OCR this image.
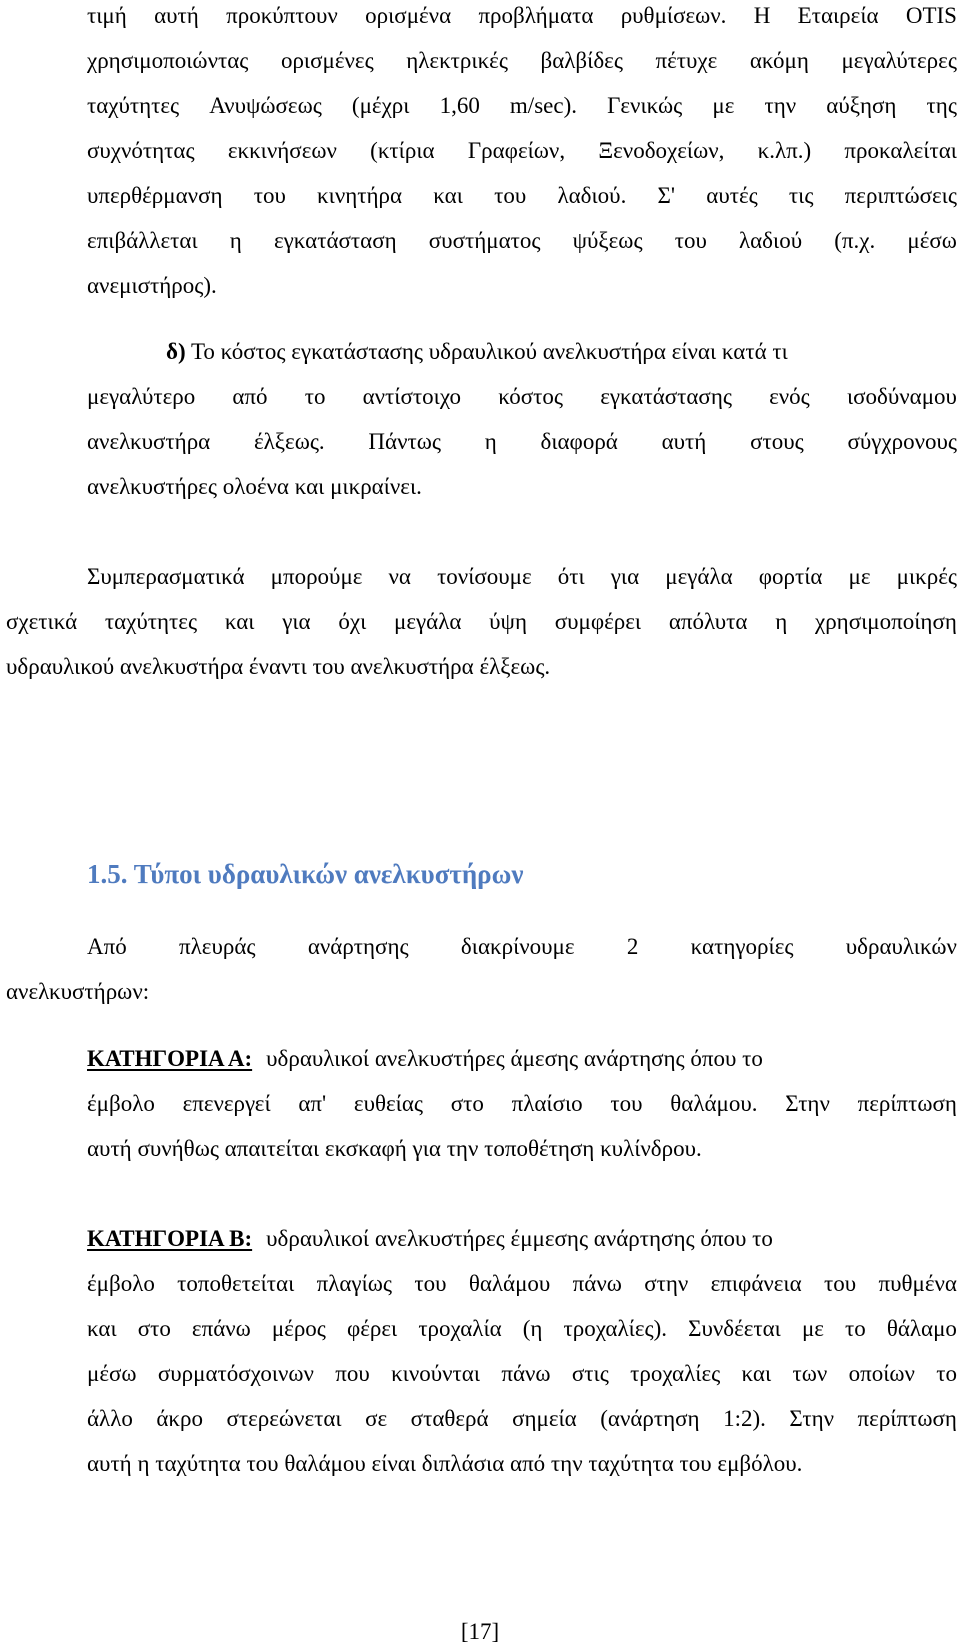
τιμή αυτή προκύπτουν ορισμένα προβλήματα ρυθμίσεων. Η Εταιρεία OTIS
χρησιμοποιώντας ορισμένες ηλεκτρικές βαλβίδες πέτυχε ακόμη μεγαλύτερες
ταχύτητες Ανυψώσεως (μέχρι 1,60 m/sec). Γενικώς με την αύξηση της
συχνότητας εκκινήσεων (κτίρια Γραφείων, Ξενοδοχείων, κ.λπ.) προκαλείται
υπερθέρμανση του κινητήρα και του λαδιού. Σ' αυτές τις περιπτώσεις
επιβάλλεται η εγκατάσταση συστήματος ψύξεως του λαδιού (π.χ. μέσω
ανεμιστήρος).
δ) Το κόστος εγκατάστασης υδραυλικού ανελκυστήρα είναι κατά τι
μεγαλύτερο από το αντίστοιχο κόστος εγκατάστασης ενός ισοδύναμου
ανελκυστήρα έλξεως. Πάντως η διαφορά αυτή στους σύγχρονους
ανελκυστήρες ολοένα και μικραίνει.
Συμπερασματικά μπορούμε να τονίσουμε ότι για μεγάλα φορτία με μικρές
σχετικά ταχύτητες και για όχι μεγάλα ύψη συμφέρει απόλυτα η χρησιμοποίηση
υδραυλικού ανελκυστήρα έναντι του ανελκυστήρα έλξεως.
1.5. Τύποι υδραυλικών ανελκυστήρων
Από πλευράς ανάρτησης διακρίνουμε 2 κατηγορίες υδραυλικών
ανελκυστήρων:
ΚΑΤΗΓΟΡΙΑ Α: υδραυλικοί ανελκυστήρες άμεσης ανάρτησης όπου το
έμβολο επενεργεί απ' ευθείας στο πλαίσιο του θαλάμου. Στην περίπτωση
αυτή συνήθως απαιτείται εκσκαφή για την τοποθέτηση κυλίνδρου.
ΚΑΤΗΓΟΡΙΑ Β: υδραυλικοί ανελκυστήρες έμμεσης ανάρτησης όπου το
έμβολο τοποθετείται πλαγίως του θαλάμου πάνω στην επιφάνεια του πυθμένα
και στο επάνω μέρος φέρει τροχαλία (η τροχαλίες). Συνδέεται με το θάλαμο
μέσω συρματόσχοινων που κινούνται πάνω στις τροχαλίες και των οποίων το
άλλο άκρο στερεώνεται σε σταθερά σημεία (ανάρτηση 1:2). Στην περίπτωση
αυτή η ταχύτητα του θαλάμου είναι διπλάσια από την ταχύτητα του εμβόλου.
[17]
